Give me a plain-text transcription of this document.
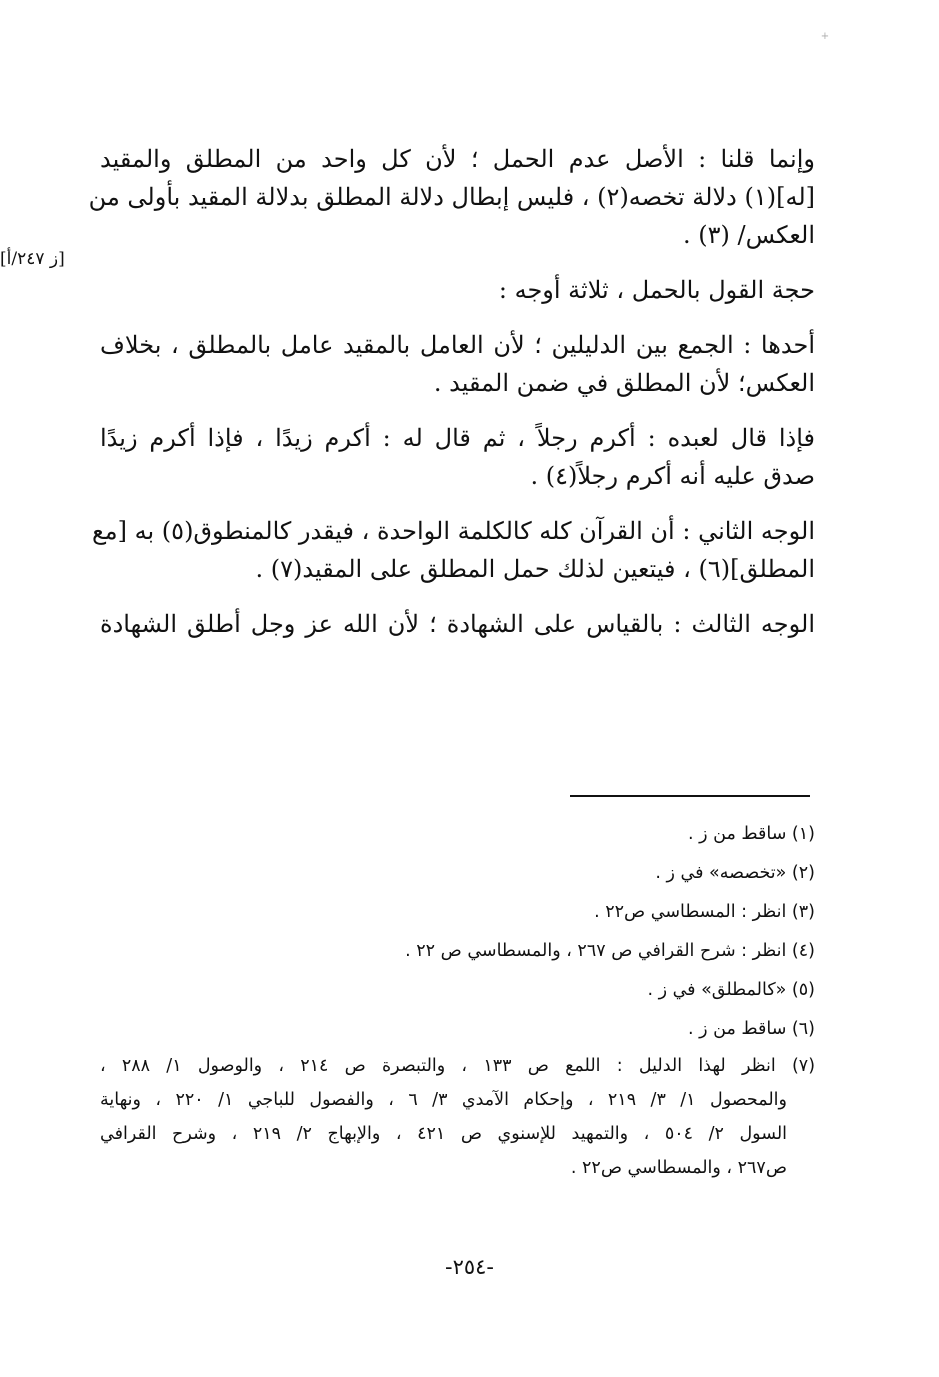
+
وإنما قلنا : الأصل عدم الحمل ؛ لأن كل واحد من المطلق والمقيد
[له](١) دلالة تخصه(٢) ، فليس إبطال دلالة المطلق بدلالة المقيد بأولى من
العكس/ (٣) .
حجة القول بالحمل ، ثلاثة أوجه :
أحدها : الجمع بين الدليلين ؛ لأن العامل بالمقيد عامل بالمطلق ، بخلاف
العكس؛ لأن المطلق في ضمن المقيد .
فإذا قال لعبده : أكرم رجلاً ، ثم قال له : أكرم زيدًا ، فإذا أكرم زيدًا
صدق عليه أنه أكرم رجلاً(٤) .
الوجه الثاني : أن القرآن كله كالكلمة الواحدة ، فيقدر كالمنطوق(٥) به [مع
المطلق](٦) ، فيتعين لذلك حمل المطلق على المقيد(٧) .
الوجه الثالث : بالقياس على الشهادة ؛ لأن الله عز وجل أطلق الشهادة
[ز ٢٤٧/أ]
(١) ساقط من ز .
(٢) «تخصصه» في ز .
(٣) انظر : المسطاسي ص٢٢ .
(٤) انظر : شرح القرافي ص ٢٦٧ ، والمسطاسي ص ٢٢ .
(٥) «كالمطلق» في ز .
(٦) ساقط من ز .
(٧) انظر لهذا الدليل : اللمع ص ١٣٣ ، والتبصرة ص ٢١٤ ، والوصول ١/ ٢٨٨ ،
والمحصول ١/ ٣/ ٢١٩ ، وإحكام الآمدي ٣/ ٦ ، والفصول للباجي ١/ ٢٢٠ ، ونهاية
السول ٢/ ٥٠٤ ، والتمهيد للإسنوي ص ٤٢١ ، والإبهاج ٢/ ٢١٩ ، وشرح القرافي
ص٢٦٧ ، والمسطاسي ص٢٢ .
-٢٥٤-
